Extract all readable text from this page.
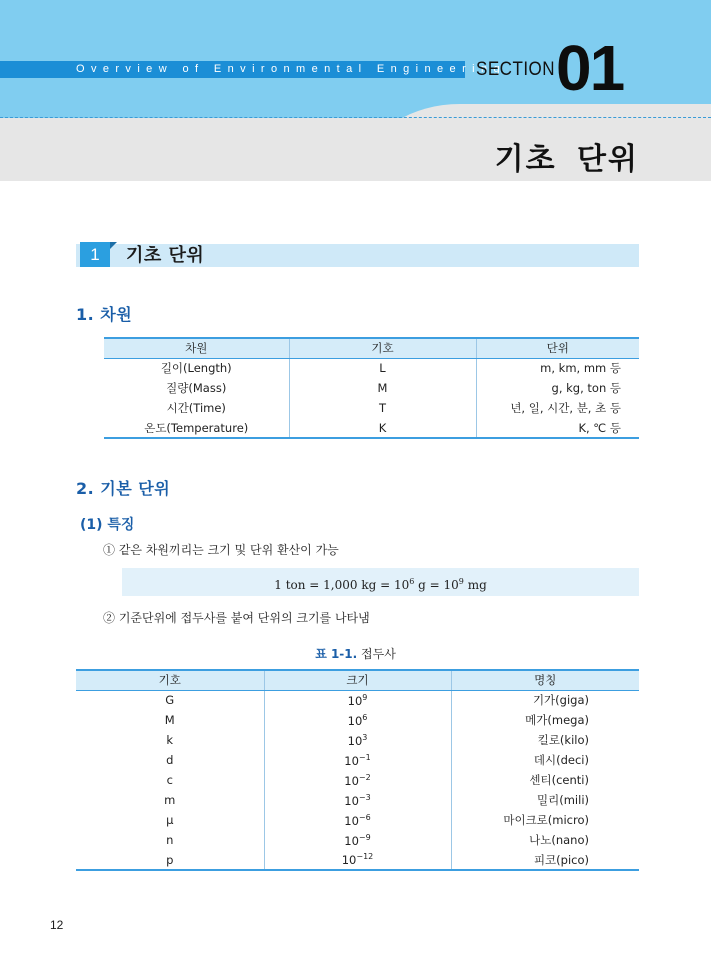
Overview of Environmental Engineering
SECTION 01
기초 단위
1	기초 단위
1. 차원
차원	기호	단위
길이(Length)	L	m, km, mm 등
질량(Mass)	M	g, kg, ton 등
시간(Time)	T	년, 일, 시간, 분, 초 등
온도(Temperature)	K	K, ℃ 등
2. 기본 단위
(1) 특징
① 같은 차원끼리는 크기 및 단위 환산이 가능
1 ton = 1,000 kg = $10^6$ $g = 10^9$ mg
② 기준단위에 접두사를 붙여 단위의 크기를 나타냄
표 1-1. 접두사
기호	크기	명칭
G	$10^9$	기가(giga)
M	$10^6$	메가(mega)
k	$10^3$	킬로(kilo)
d	$10^{-1}$	데시(deci)
c	$10^{-2}$	센티(centi)
m	$10^{-3}$	밀리(mili)
μ	$10^{-6}$	마이크로(micro)
n	$10^{-9}$	나노(nano)
p	$10^{-12}$	피코(pico)
12
